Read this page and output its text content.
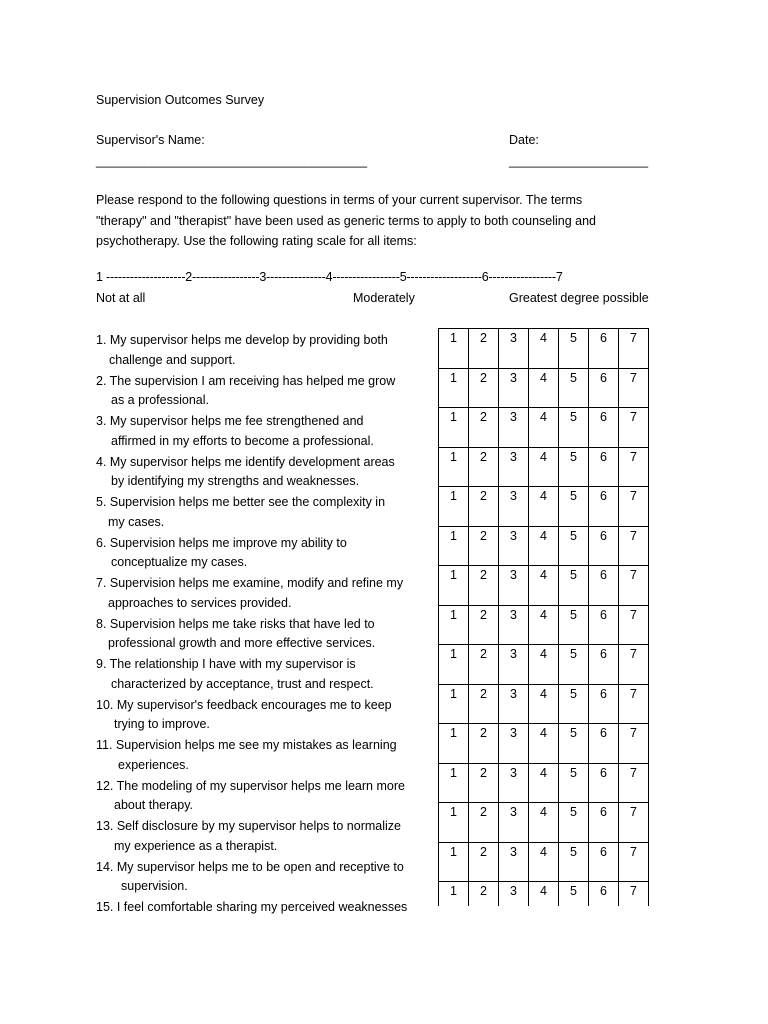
Supervision Outcomes Survey
Supervisor's Name:
_______________________________________
Date:
____________________
Please respond to the following questions in terms of your current supervisor. The terms "therapy" and "therapist" have been used as generic terms to apply to both counseling and psychotherapy. Use the following rating scale for all items:
1 --------------------2-----------------3---------------4-----------------5-------------------6-----------------7
Not at all	Moderately	Greatest degree possible
1. My supervisor helps me develop by providing both
challenge and support.
2. The supervision I am receiving has helped me grow
as a professional.
3. My supervisor helps me fee strengthened and
affirmed in my efforts to become a professional.
4. My supervisor helps me identify development areas
by identifying my strengths and weaknesses.
5. Supervision helps me better see the complexity in
my cases.
6. Supervision helps me improve my ability to
conceptualize my cases.
7. Supervision helps me examine, modify and refine my
approaches to services provided.
8. Supervision helps me take risks that have led to
professional growth and more effective services.
9. The relationship I have with my supervisor is
characterized by acceptance, trust and respect.
10. My supervisor's feedback encourages me to keep
trying to improve.
11. Supervision helps me see my mistakes as learning
experiences.
12. The modeling of my supervisor helps me learn more
about therapy.
13. Self disclosure by my supervisor helps to normalize
my experience as a therapist.
14. My supervisor helps me to be open and receptive to
supervision.
15. I feel comfortable sharing my perceived weaknesses
1	2	3	4	5	6	7
1	2	3	4	5	6	7
1	2	3	4	5	6	7
1	2	3	4	5	6	7
1	2	3	4	5	6	7
1	2	3	4	5	6	7
1	2	3	4	5	6	7
1	2	3	4	5	6	7
1	2	3	4	5	6	7
1	2	3	4	5	6	7
1	2	3	4	5	6	7
1	2	3	4	5	6	7
1	2	3	4	5	6	7
1	2	3	4	5	6	7
1	2	3	4	5	6	7
